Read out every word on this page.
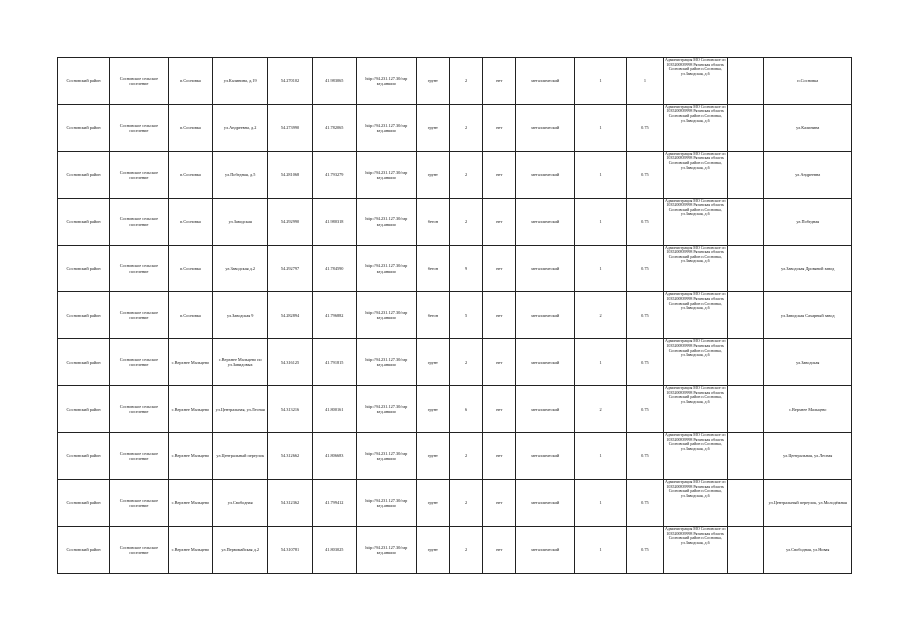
Сосновский район	Сосновское сельское поселение	п.Сосновка	ул.Калинина, д.19	54.270102	41.983065	http://94.231.127.30/гар ктд.аншио	грунт	2	нет	металлический	1	1	Администрация МО Сосновское сп 1035200839998 Рязанская область Сосновский район п.Сосновка, ул.Заводская, д.6		п.Сосновка
Сосновский район	Сосновское сельское поселение	п.Сосновка	ул.Андреевна, д.2	54.273990	41.782065	http://94.231.127.30/гар ктд.аншио	грунт	2	нет	металлический	1	0.75	Администрация МО Сосновское сп 1035200839998 Рязанская область Сосновский район п.Сосновка, ул.Заводская, д.6		ул.Калинина
Сосновский район	Сосновское сельское поселение	п.Сосновка	ул.Победная, д.5	54.281068	41.793279	http://94.231.127.30/гар ктд.аншио	грунт	2	нет	металлический	1	0.75	Администрация МО Сосновское сп 1035200839998 Рязанская область Сосновский район п.Сосновка, ул.Заводская, д.6		ул.Андреевна
Сосновский район	Сосновское сельское поселение	п.Сосновка	ул.Заводская	54.292990	41.980318	http://94.231.127.30/гар ктд.аншио	бетон	2	нет	металлический	1	0.75	Администрация МО Сосновское сп 1035200839998 Рязанская область Сосновский район п.Сосновка, ул.Заводская, д.6		ул.Победная
Сосновский район	Сосновское сельское поселение	п.Сосновка	ул.Заводская д.2	54.292797	41.784590	http://94.231.127.30/гар ктд.аншио	бетон	9	нет	металлический	1	0.75	Администрация МО Сосновское сп 1035200839998 Рязанская область Сосновский район п.Сосновка, ул.Заводская, д.6		ул.Заводская Дровяной завод
Сосновский район	Сосновское сельское поселение	п.Сосновка	ул.Заводская 9	54.282894	41.796882	http://94.231.127.30/гар ктд.аншио	бетон	5	нет	металлический	2	0.75	Администрация МО Сосновское сп 1035200839998 Рязанская область Сосновский район п.Сосновка, ул.Заводская, д.6		ул.Заводская Сахарный завод
Сосновский район	Сосновское сельское поселение	с.Верхнее Мальцево	с.Верхнее Мальцево по ул.Завидовых	54.316125	41.791815	http://94.231.127.30/гар ктд.аншио	грунт	2	нет	металлический	1	0.75	Администрация МО Сосновское сп 1035200839998 Рязанская область Сосновский район п.Сосновка, ул.Заводская, д.6		ул.Заводская
Сосновский район	Сосновское сельское поселение	с.Верхнее Мальцево	ул.Центральная, ул.Лесная	54.313216	41.800161	http://94.231.127.30/гар ктд.аншио	грунт	6	нет	металлический	2	0.75	Администрация МО Сосновское сп 1035200839998 Рязанская область Сосновский район п.Сосновка, ул.Заводская, д.6		с.Верхнее Мальцево
Сосновский район	Сосновское сельское поселение	с.Верхнее Мальцево	ул.Центральный переулок	54.312662	41.806683	http://94.231.127.30/гар ктд.аншио	грунт	2	нет	металлический	1	0.75	Администрация МО Сосновское сп 1035200839998 Рязанская область Сосновский район п.Сосновка, ул.Заводская, д.6		ул.Центральная, ул.Лесная
Сосновский район	Сосновское сельское поселение	с.Верхнее Мальцево	ул.Свободная	54.312362	41.799412	http://94.231.127.30/гар ктд.аншио	грунт	2	нет	металлический	1	0.75	Администрация МО Сосновское сп 1035200839998 Рязанская область Сосновский район п.Сосновка, ул.Заводская, д.6		ул.Центральный переулок, ул.Молодёжная
Сосновский район	Сосновское сельское поселение	с.Верхнее Мальцево	ул.Первомайская д.2	54.310781	41.803025	http://94.231.127.30/гар ктд.аншио	грунт	2	нет	металлический	1	0.75	Администрация МО Сосновское сп 1035200839998 Рязанская область Сосновский район п.Сосновка, ул.Заводская, д.6		ул.Свободная, ул.Новая
